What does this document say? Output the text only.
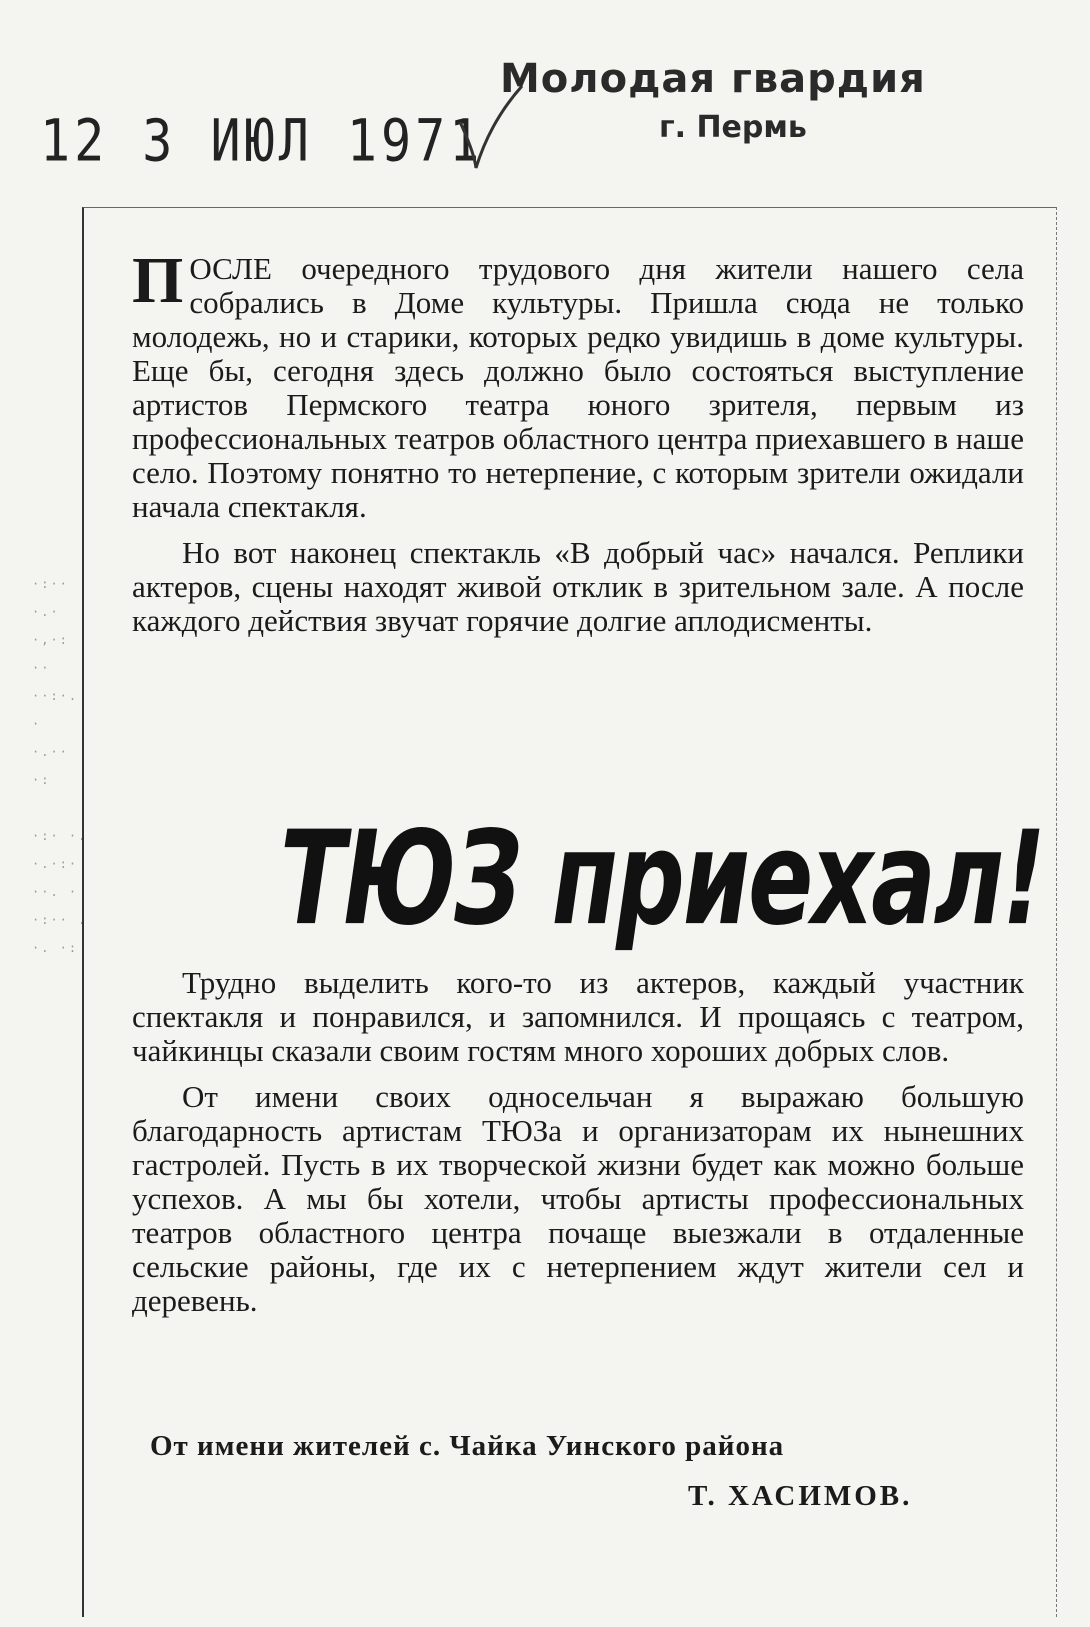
12 3 ИЮЛ 1971
Молодая гвардия
г. Пермь
·:·· ·.·
·,·: ··
··:·. ·
·.·· ·:

·:· ·.
·.·:·
··. ·
·:·· .
·. ·:

ПОСЛЕ очередного трудового дня жители нашего села собрались в Доме культуры. Пришла сюда не только молодежь, но и старики, которых редко увидишь в доме культуры. Еще бы, сегодня здесь должно было состояться выступление артистов Пермского театра юного зрителя, первым из профессиональных театров областного центра приехавшего в наше село. Поэтому понятно то нетерпение, с которым зрители ожидали начала спектакля.

Но вот наконец спектакль «В добрый час» начался. Реплики актеров, сцены находят живой отклик в зрительном зале. А после каждого действия звучат горячие долгие аплодисменты.

ТЮЗ приехал!

Трудно выделить кого-то из актеров, каждый участник спектакля и понравился, и запомнился. И прощаясь с театром, чайкинцы сказали своим гостям много хороших добрых слов.

От имени своих односельчан я выражаю большую благодарность артистам ТЮЗа и организаторам их нынешних гастролей. Пусть в их творческой жизни будет как можно больше успехов. А мы бы хотели, чтобы артисты профессиональных театров областного центра почаще выезжали в отдаленные сельские районы, где их с нетерпением ждут жители сел и деревень.

От имени жителей с. Чайка Уинского района
Т. ХАСИМОВ.
